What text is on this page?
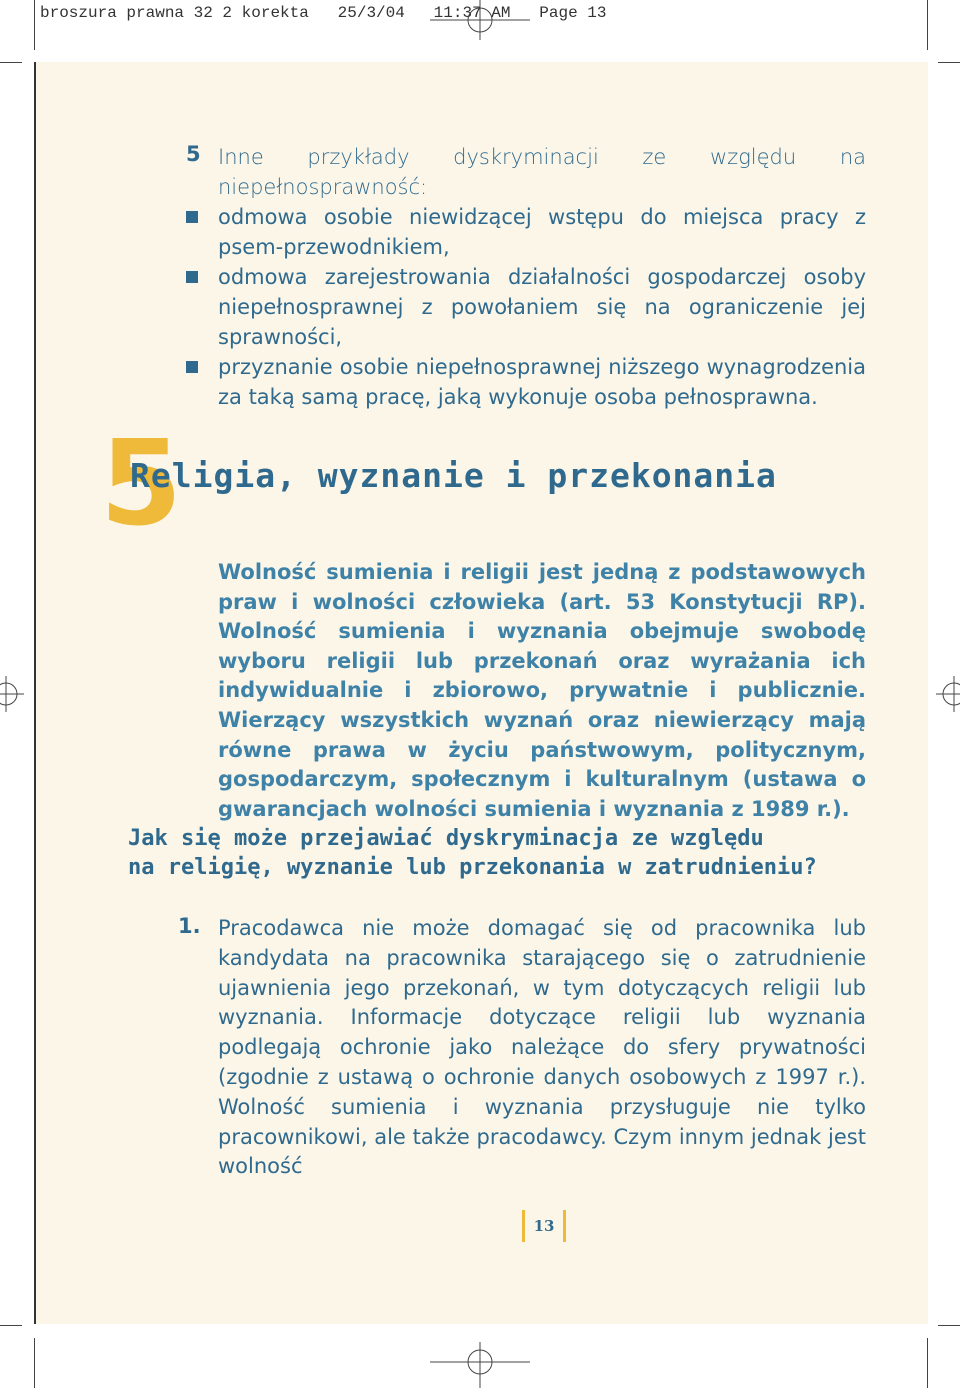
broszura prawna 32 2 korekta   25/3/04   11:37 AM   Page 13
5 Inne przykłady dyskryminacji ze względu na niepełnosprawność:
odmowa osobie niewidzącej wstępu do miejsca pracy z psem-przewodnikiem,
odmowa zarejestrowania działalności gospodarczej osoby niepełnosprawnej z powołaniem się na ograniczenie jej sprawności,
przyznanie osobie niepełnosprawnej niższego wynagrodzenia za taką samą pracę, jaką wykonuje osoba pełnosprawna.
5
Religia, wyznanie i przekonania
Wolność sumienia i religii jest jedną z podstawowych praw i wolności człowieka (art. 53 Konstytucji RP). Wolność sumienia i wyznania obejmuje swobodę wyboru religii lub przekonań oraz wyrażania ich indywidualnie i zbiorowo, prywatnie i publicznie. Wierzący wszystkich wyznań oraz niewierzący mają równe prawa w życiu państwowym, politycznym, gospodarczym, społecznym i kulturalnym (ustawa o gwarancjach wolności sumienia i wyznania z 1989 r.).
Jak się może przejawiać dyskryminacja ze względu
na religię, wyznanie lub przekonania w zatrudnieniu?
1. Pracodawca nie może domagać się od pracownika lub kandydata na pracownika starającego się o zatrudnienie ujawnienia jego przekonań, w tym dotyczących religii lub wyznania. Informacje dotyczące religii lub wyznania podlegają ochronie jako należące do sfery prywatności (zgodnie z ustawą o ochronie danych osobowych z 1997 r.). Wolność sumienia i wyznania przysługuje nie tylko pracownikowi, ale także pracodawcy. Czym innym jednak jest wolność
13
